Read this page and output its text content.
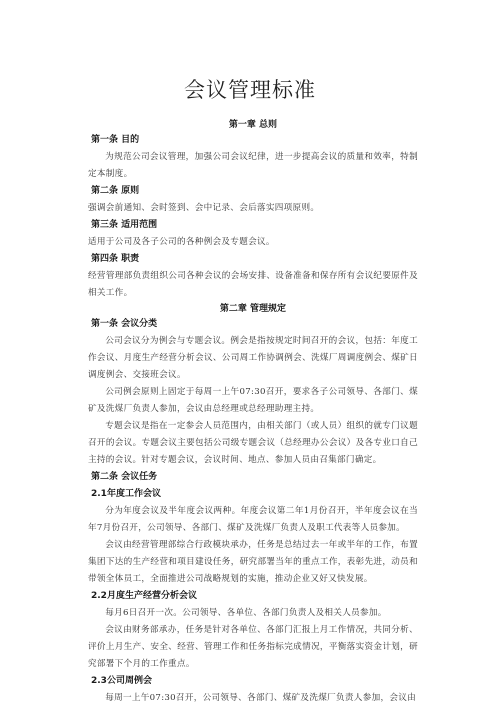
会议管理标准
第一章 总则
第一条 目的

为规范公司会议管理，加强公司会议纪律，进一步提高会议的质量和效率，特制定本制度。

第二条 原则

强调会前通知、会时签到、会中记录、会后落实四项原则。

第三条 适用范围

适用于公司及各子公司的各种例会及专题会议。

第四条 职责

经营管理部负责组织公司各种会议的会场安排、设备准备和保存所有会议纪要原件及相关工作。

第二章 管理规定
第一条 会议分类

公司会议分为例会与专题会议。例会是指按规定时间召开的会议，包括：年度工作会议、月度生产经营分析会议、公司周工作协调例会、洗煤厂周调度例会、煤矿日调度例会、交接班会议。

公司例会原则上固定于每周一上午07:30召开，要求各子公司领导、各部门、煤矿及洗煤厂负责人参加，会议由总经理或总经理助理主持。

专题会议是指在一定参会人员范围内，由相关部门（或人员）组织的就专门议题召开的会议。专题会议主要包括公司级专题会议（总经理办公会议）及各专业口自己主持的会议。针对专题会议，会议时间、地点、参加人员由召集部门确定。

第二条 会议任务
2.1年度工作会议

分为年度会议及半年度会议两种。年度会议第二年1月份召开，半年度会议在当年7月份召开，公司领导、各部门、煤矿及洗煤厂负责人及职工代表等人员参加。

会议由经营管理部综合行政模块承办，任务是总结过去一年或半年的工作，布置集团下达的生产经营和项目建设任务，研究部署当年的重点工作，表彰先进，动员和带领全体员工，全面推进公司战略规划的实施，推动企业又好又快发展。

2.2月度生产经营分析会议

每月6日召开一次。公司领导、各单位、各部门负责人及相关人员参加。

会议由财务部承办，任务是针对各单位、各部门汇报上月工作情况，共同分析、评价上月生产、安全、经营、管理工作和任务指标完成情况，平衡落实资金计划，研究部署下个月的工作重点。

2.3公司周例会

每周一上午07:30召开，公司领导、各部门、煤矿及洗煤厂负责人参加，会议由
